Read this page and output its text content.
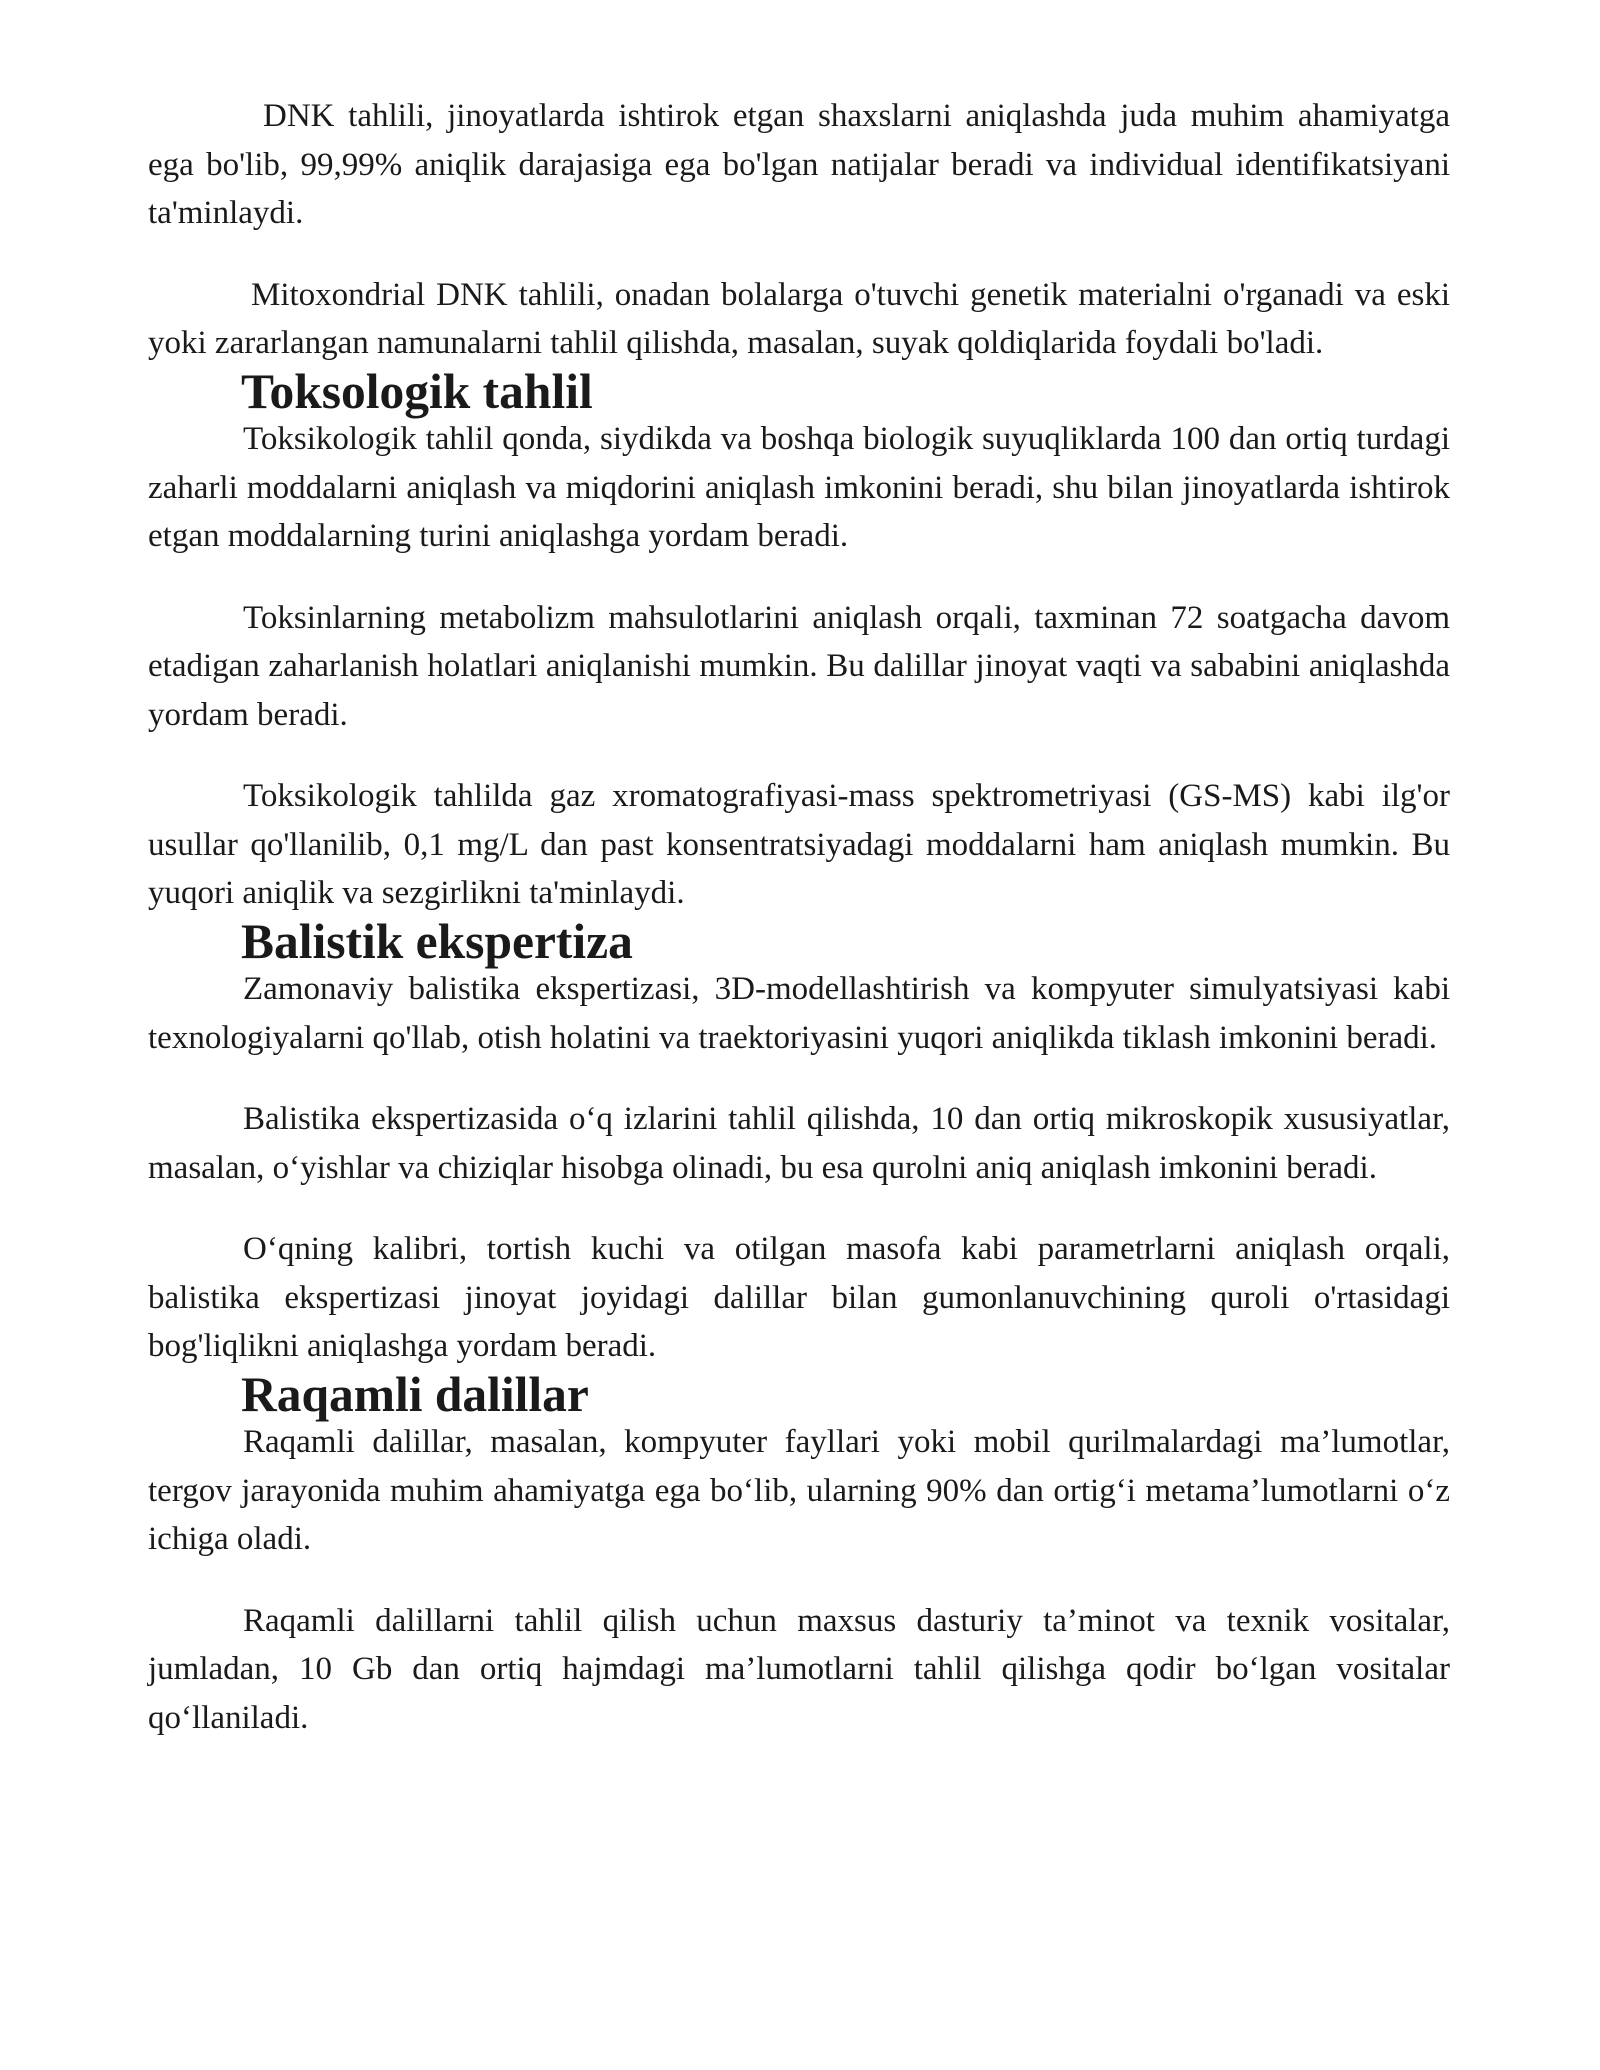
DNK tahlili, jinoyatlarda ishtirok etgan shaxslarni aniqlashda juda muhim ahamiyatga ega bo'lib, 99,99% aniqlik darajasiga ega bo'lgan natijalar beradi va individual identifikatsiyani ta'minlaydi.

Mitoxondrial DNK tahlili, onadan bolalarga o'tuvchi genetik materialni o'rganadi va eski yoki zararlangan namunalarni tahlil qilishda, masalan, suyak qoldiqlarida foydali bo'ladi.

Toksologik tahlil

Toksikologik tahlil qonda, siydikda va boshqa biologik suyuqliklarda 100 dan ortiq turdagi zaharli moddalarni aniqlash va miqdorini aniqlash imkonini beradi, shu bilan jinoyatlarda ishtirok etgan moddalarning turini aniqlashga yordam beradi.

Toksinlarning metabolizm mahsulotlarini aniqlash orqali, taxminan 72 soatgacha davom etadigan zaharlanish holatlari aniqlanishi mumkin. Bu dalillar jinoyat vaqti va sababini aniqlashda yordam beradi.

Toksikologik tahlilda gaz xromatografiyasi-mass spektrometriyasi (GS-MS) kabi ilg'or usullar qo'llanilib, 0,1 mg/L dan past konsentratsiyadagi moddalarni ham aniqlash mumkin. Bu yuqori aniqlik va sezgirlikni ta'minlaydi.

Balistik ekspertiza

Zamonaviy balistika ekspertizasi, 3D-modellashtirish va kompyuter simulyatsiyasi kabi texnologiyalarni qo'llab, otish holatini va traektoriyasini yuqori aniqlikda tiklash imkonini beradi.

Balistika ekspertizasida o‘q izlarini tahlil qilishda, 10 dan ortiq mikroskopik xususiyatlar, masalan, o‘yishlar va chiziqlar hisobga olinadi, bu esa qurolni aniq aniqlash imkonini beradi.

O‘qning kalibri, tortish kuchi va otilgan masofa kabi parametrlarni aniqlash orqali, balistika ekspertizasi jinoyat joyidagi dalillar bilan gumonlanuvchining quroli o'rtasidagi bog'liqlikni aniqlashga yordam beradi.

Raqamli dalillar

Raqamli dalillar, masalan, kompyuter fayllari yoki mobil qurilmalardagi ma’lumotlar, tergov jarayonida muhim ahamiyatga ega bo‘lib, ularning 90% dan ortig‘i metama’lumotlarni o‘z ichiga oladi.

Raqamli dalillarni tahlil qilish uchun maxsus dasturiy ta’minot va texnik vositalar, jumladan, 10 Gb dan ortiq hajmdagi ma’lumotlarni tahlil qilishga qodir bo‘lgan vositalar qo‘llaniladi.
